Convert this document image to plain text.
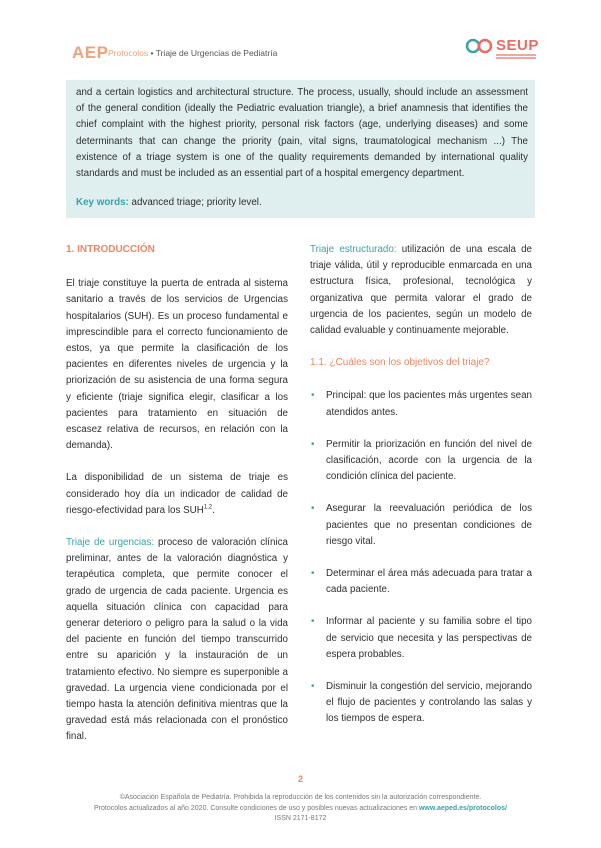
AEP Protocolos • Triaje de Urgencias de Pediatría	SEUP

and a certain logistics and architectural structure. The process, usually, should include an assessment of the general condition (ideally the Pediatric evaluation triangle), a brief anamnesis that identifies the chief complaint with the highest priority, personal risk factors (age, underlying diseases) and some determinants that can change the priority (pain, vital signs, traumatological mechanism ...) The existence of a triage system is one of the quality requirements demanded by international quality standards and must be included as an essential part of a hospital emergency department.

Key words: advanced triage; priority level.

1. INTRODUCCIÓN

El triaje constituye la puerta de entrada al sistema sanitario a través de los servicios de Urgencias hospitalarios (SUH). Es un proceso fundamental e imprescindible para el correcto funcionamiento de estos, ya que permite la clasificación de los pacientes en diferentes niveles de urgencia y la priorización de su asistencia de una forma segura y eficiente (triaje significa elegir, clasificar a los pacientes para tratamiento en situación de escasez relativa de recursos, en relación con la demanda).

La disponibilidad de un sistema de triaje es considerado hoy día un indicador de calidad de riesgo-efectividad para los SUH$^{1,2}$.

Triaje de urgencias: proceso de valoración clínica preliminar, antes de la valoración diagnóstica y terapéutica completa, que permite conocer el grado de urgencia de cada paciente. Urgencia es aquella situación clínica con capacidad para generar deterioro o peligro para la salud o la vida del paciente en función del tiempo transcurrido entre su aparición y la instauración de un tratamiento efectivo. No siempre es superponible a gravedad. La urgencia viene condicionada por el tiempo hasta la atención definitiva mientras que la gravedad está más relacionada con el pronóstico final.

Triaje estructurado: utilización de una escala de triaje válida, útil y reproducible enmarcada en una estructura física, profesional, tecnológica y organizativa que permita valorar el grado de urgencia de los pacientes, según un modelo de calidad evaluable y continuamente mejorable.

1.1. ¿Cuáles son los objetivos del triaje?
• Principal: que los pacientes más urgentes sean atendidos antes.
• Permitir la priorización en función del nivel de clasificación, acorde con la urgencia de la condición clínica del paciente.
• Asegurar la reevaluación periódica de los pacientes que no presentan condiciones de riesgo vital.
• Determinar el área más adecuada para tratar a cada paciente.
• Informar al paciente y su familia sobre el tipo de servicio que necesita y las perspectivas de espera probables.
• Disminuir la congestión del servicio, mejorando el flujo de pacientes y controlando las salas y los tiempos de espera.
2
©Asociación Española de Pediatría. Prohibida la reproducción de los contenidos sin la autorización correspondiente.
Protocolos actualizados al año 2020. Consulte condiciones de uso y posibles nuevas actualizaciones en www.aeped.es/protocolos/
ISSN 2171-8172
